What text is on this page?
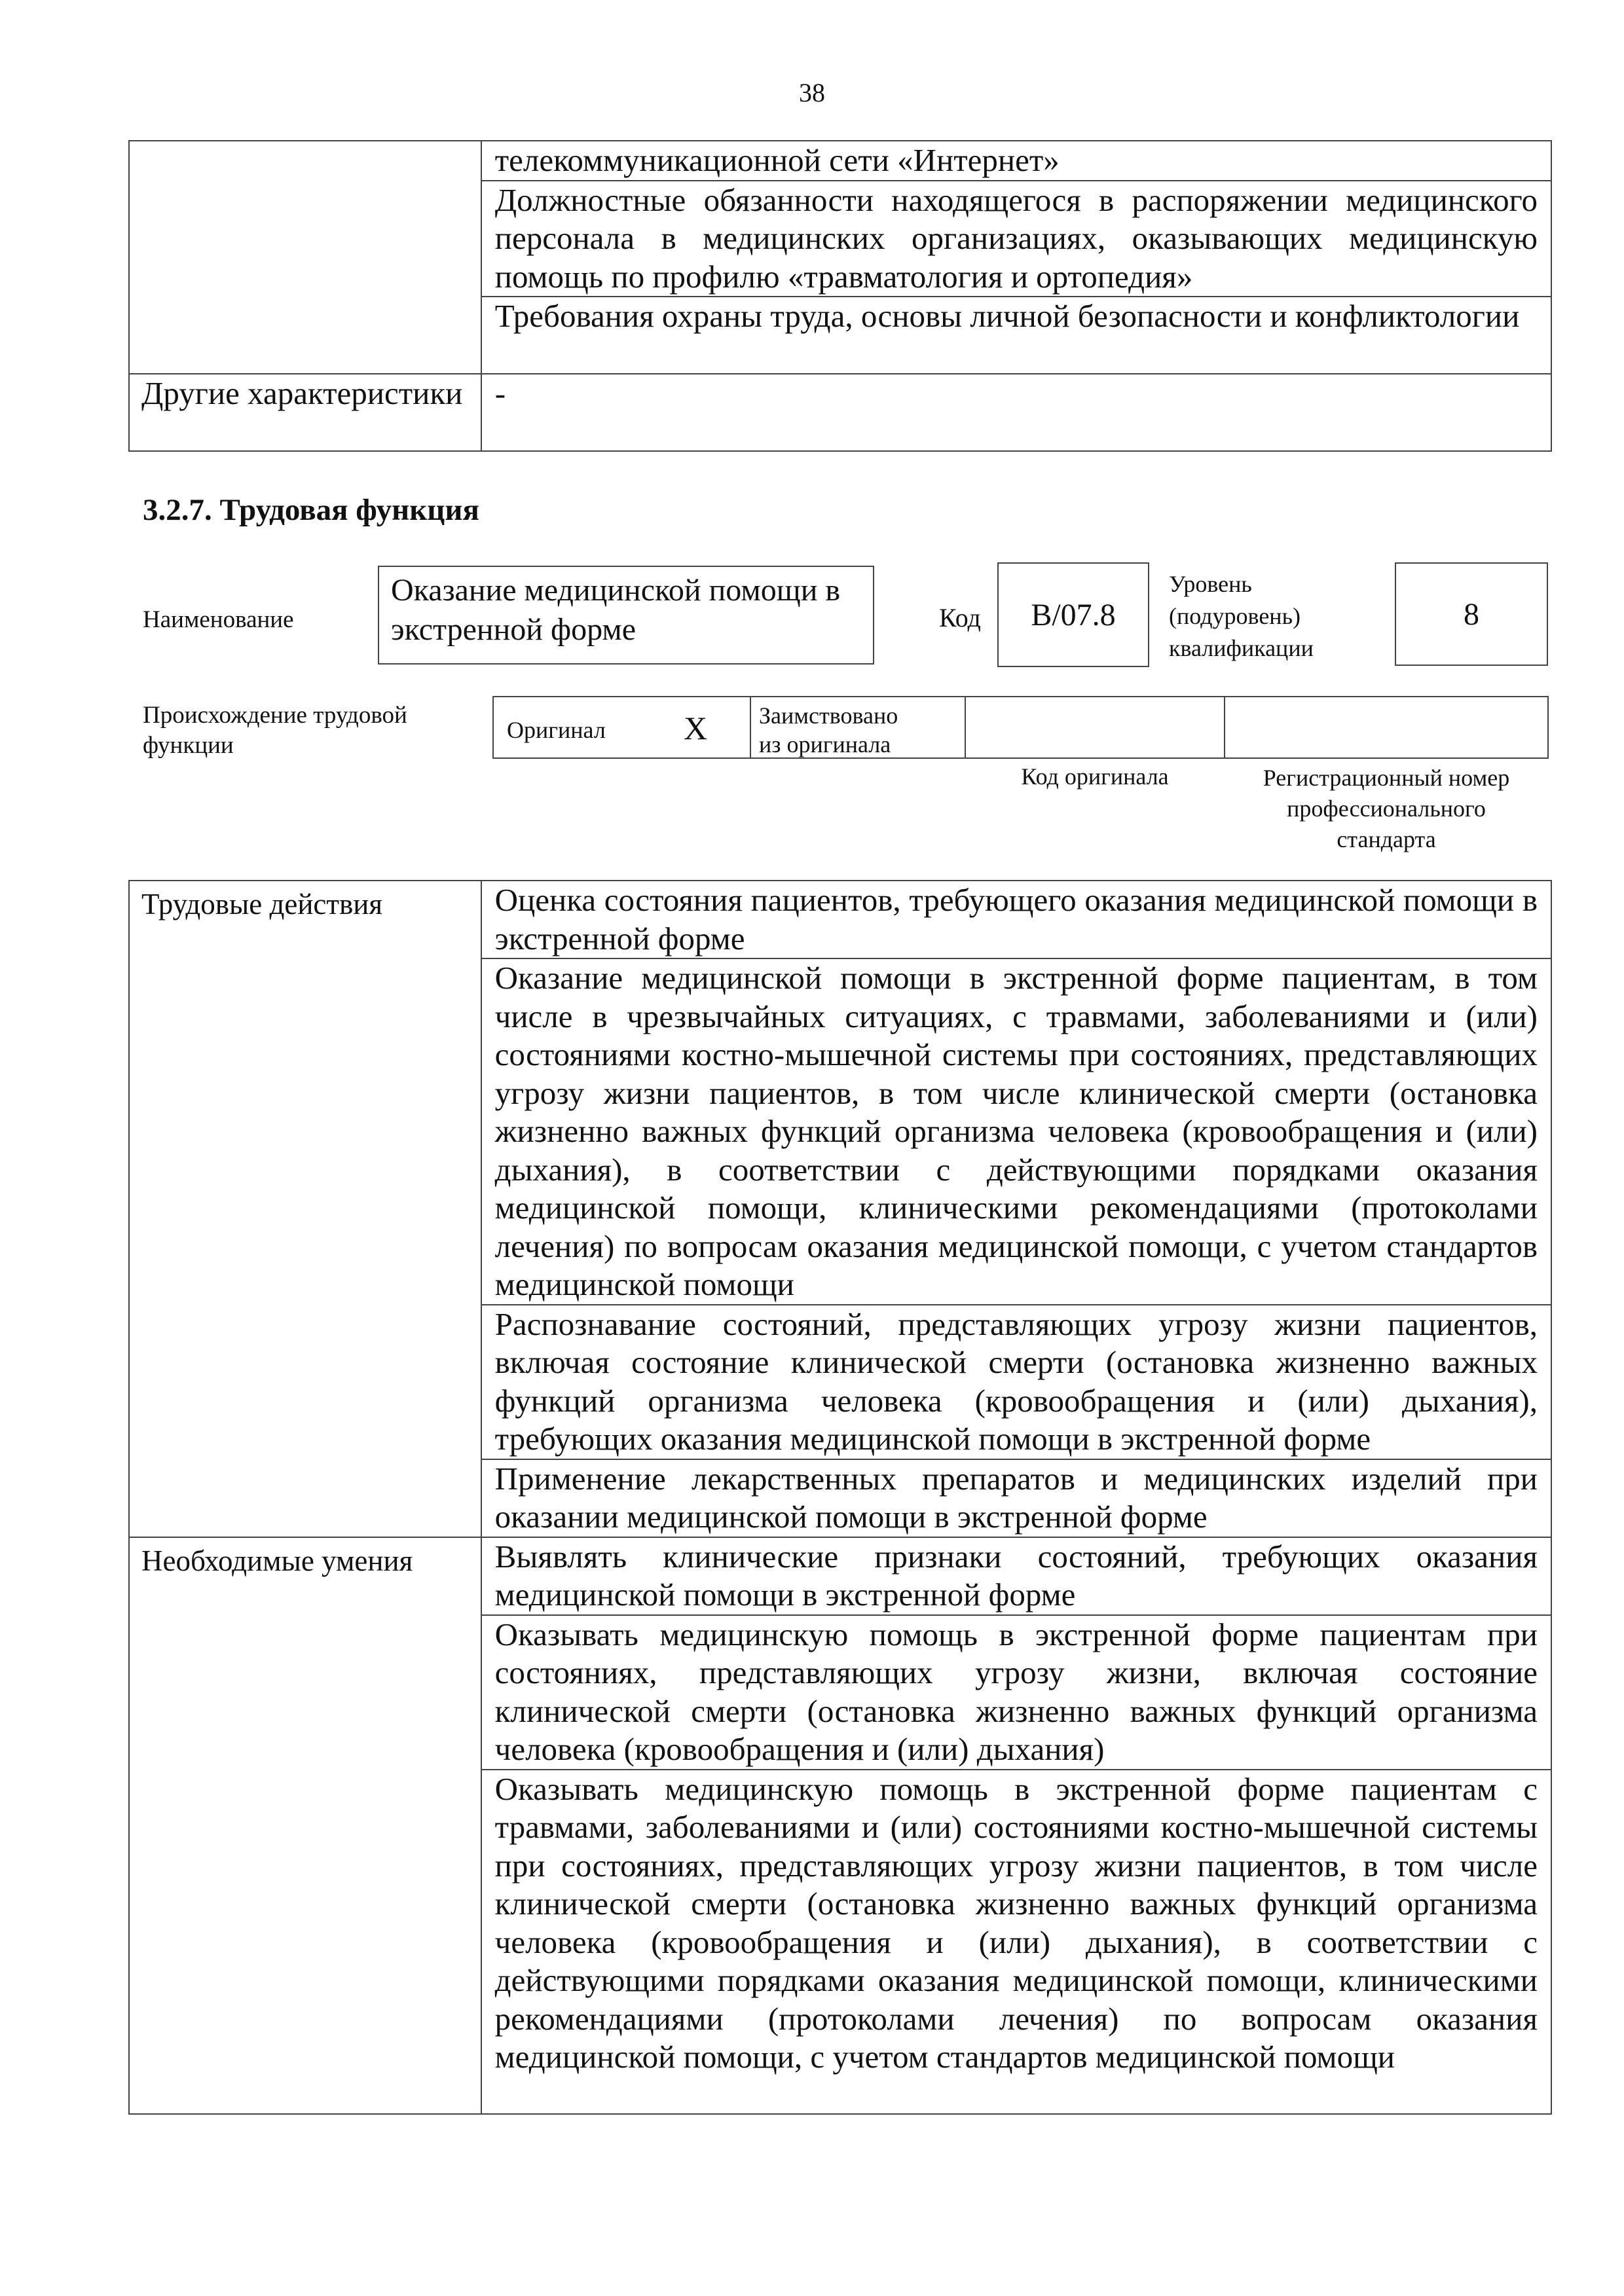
38
	телекоммуникационной сети «Интернет»
	Должностные обязанности находящегося в распоряжении медицинского персонала в медицинских организациях, оказывающих медицинскую помощь по профилю «травматология и ортопедия»
	Требования охраны труда, основы личной безопасности и конфликтологии
Другие характеристики	-
3.2.7. Трудовая функция
Наименование
Оказание медицинской помощи в экстренной форме	Код	B/07.8
Уровень
(подуровень)
квалификации
8
Происхождение трудовой
функции
Оригинал X Заимствовано
из оригинала
Код оригинала	Регистрационный номер
профессионального
стандарта
Трудовые действия	Оценка состояния пациентов, требующего оказания медицинской помощи в экстренной форме
	Оказание медицинской помощи в экстренной форме пациентам, в том числе в чрезвычайных ситуациях, с травмами, заболеваниями и (или) состояниями костно-мышечной системы при состояниях, представляющих угрозу жизни пациентов, в том числе клинической смерти (остановка жизненно важных функций организма человека (кровообращения и (или) дыхания), в соответствии с действующими порядками оказания медицинской помощи, клиническими рекомендациями (протоколами лечения) по вопросам оказания медицинской помощи, с учетом стандартов медицинской помощи
	Распознавание состояний, представляющих угрозу жизни пациентов, включая состояние клинической смерти (остановка жизненно важных функций организма человека (кровообращения и (или) дыхания), требующих оказания медицинской помощи в экстренной форме
	Применение лекарственных препаратов и медицинских изделий при оказании медицинской помощи в экстренной форме
Необходимые умения	Выявлять клинические признаки состояний, требующих оказания медицинской помощи в экстренной форме
	Оказывать медицинскую помощь в экстренной форме пациентам при состояниях, представляющих угрозу жизни, включая состояние клинической смерти (остановка жизненно важных функций организма человека (кровообращения и (или) дыхания)
	Оказывать медицинскую помощь в экстренной форме пациентам с травмами, заболеваниями и (или) состояниями костно-мышечной системы при состояниях, представляющих угрозу жизни пациентов, в том числе клинической смерти (остановка жизненно важных функций организма человека (кровообращения и (или) дыхания), в соответствии с действующими порядками оказания медицинской помощи, клиническими рекомендациями (протоколами лечения) по вопросам оказания медицинской помощи, с учетом стандартов медицинской помощи
